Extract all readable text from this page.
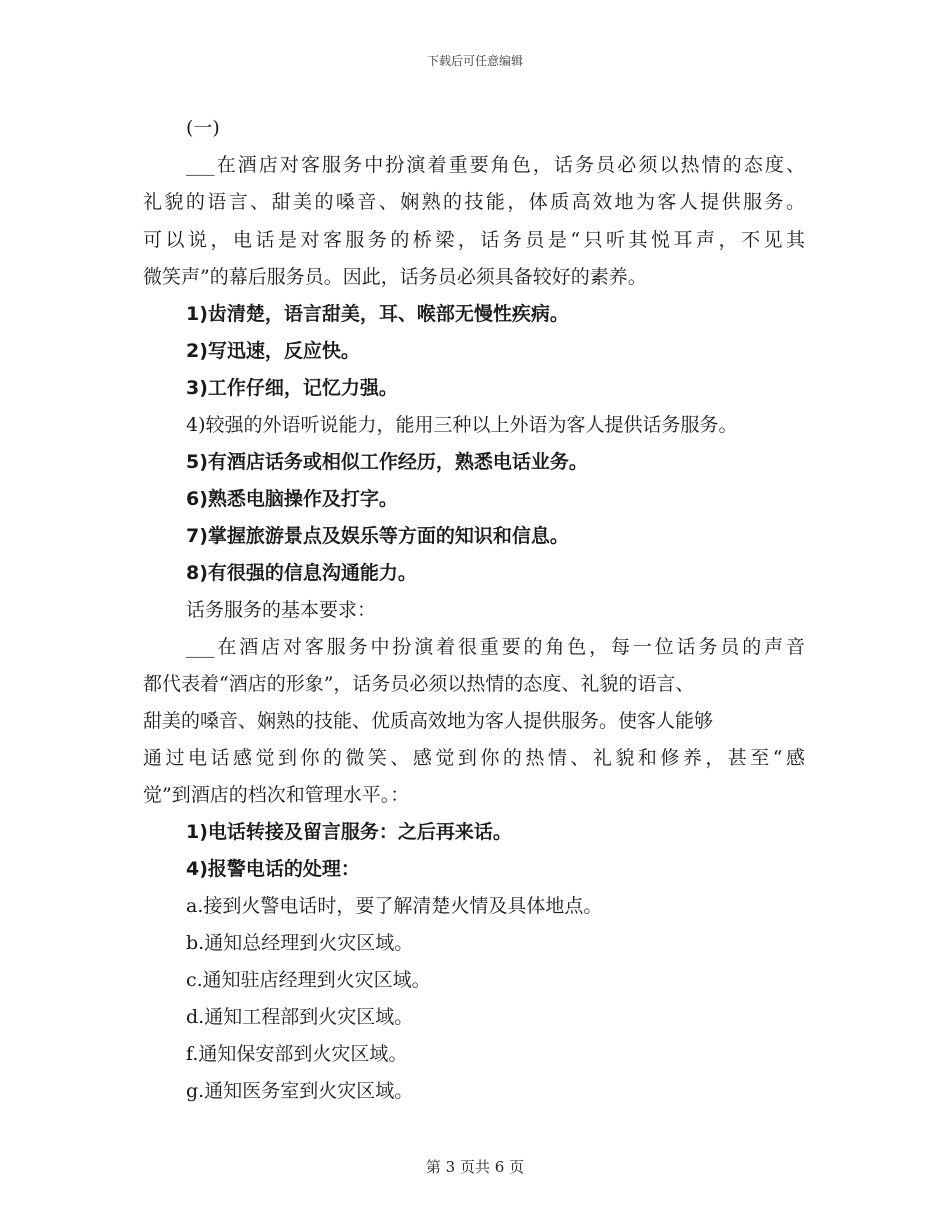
下载后可任意编辑
(一)
___在酒店对客服务中扮演着重要角色，话务员必须以热情的态度、
礼貌的语言、甜美的嗓音、娴熟的技能，体质高效地为客人提供服务。
可以说，电话是对客服务的桥梁，话务员是“只听其悦耳声，不见其
微笑声”的幕后服务员。因此，话务员必须具备较好的素养。
1)齿清楚，语言甜美，耳、喉部无慢性疾病。
2)写迅速，反应快。
3)工作仔细，记忆力强。
4)较强的外语听说能力，能用三种以上外语为客人提供话务服务。
5)有酒店话务或相似工作经历，熟悉电话业务。
6)熟悉电脑操作及打字。
7)掌握旅游景点及娱乐等方面的知识和信息。
8)有很强的信息沟通能力。
话务服务的基本要求：
___在酒店对客服务中扮演着很重要的角色，每一位话务员的声音
都代表着“酒店的形象”，话务员必须以热情的态度、礼貌的语言、
甜美的嗓音、娴熟的技能、优质高效地为客人提供服务。使客人能够
通过电话感觉到你的微笑、感觉到你的热情、礼貌和修养，甚至“感
觉”到酒店的档次和管理水平。：
1)电话转接及留言服务：之后再来话。
4)报警电话的处理：
a.接到火警电话时，要了解清楚火情及具体地点。
b.通知总经理到火灾区域。
c.通知驻店经理到火灾区域。
d.通知工程部到火灾区域。
f.通知保安部到火灾区域。
g.通知医务室到火灾区域。
第 3 页共 6 页
